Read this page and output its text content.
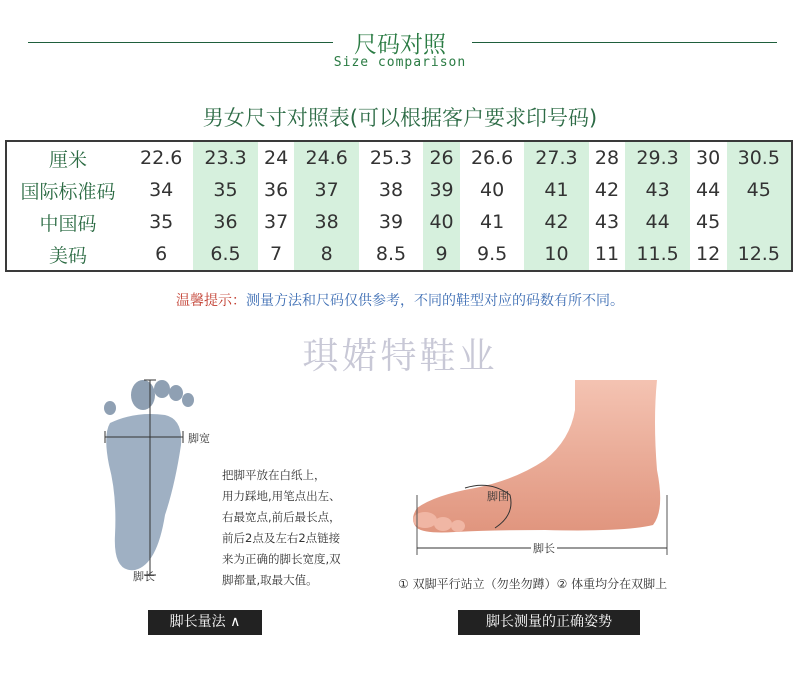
尺码对照
Size comparison
男女尺寸对照表(可以根据客户要求印号码)
厘米	22.6	23.3	24	24.6	25.3	26	26.6	27.3	28	29.3	30	30.5
国际标准码	34	35	36	37	38	39	40	41	42	43	44	45
中国码	35	36	37	38	39	40	41	42	43	44	45	
美码	6	6.5	7	8	8.5	9	9.5	10	11	11.5	12	12.5
温馨提示：测量方法和尺码仅供参考，不同的鞋型对应的码数有所不同。
琪婼特鞋业
脚宽
脚长
把脚平放在白纸上，
用力踩地,用笔点出左、
右最宽点,前后最长点，
前后2点及左右2点链接
来为正确的脚长宽度,双
脚都量,取最大值。
脚围
脚长
① 双脚平行站立（勿坐勿蹲）② 体重均分在双脚上
脚长量法 ∧	脚长测量的正确姿势
